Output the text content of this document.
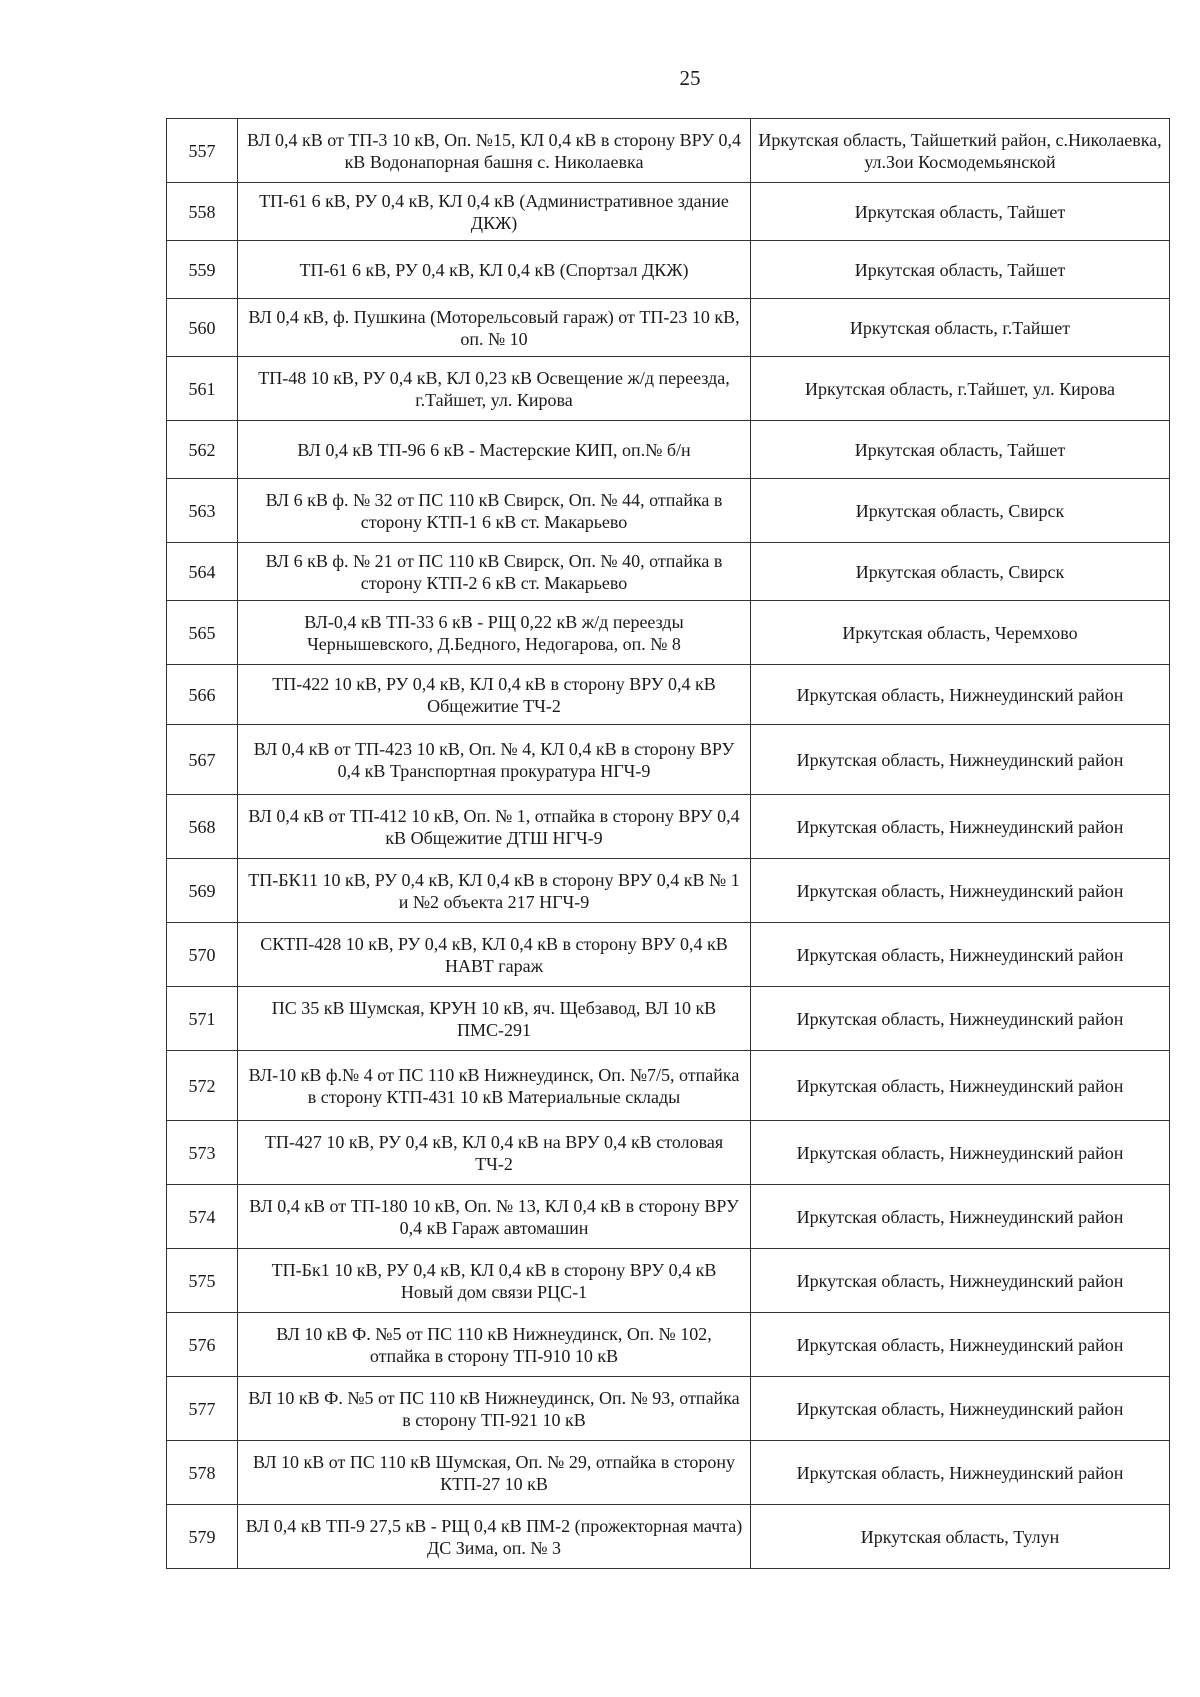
25
557	ВЛ 0,4 кВ от ТП-3 10 кВ, Оп. №15, КЛ 0,4 кВ в сторону ВРУ 0,4 кВ Водонапорная башня с. Николаевка	Иркутская область, Тайшеткий район, с.Николаевка, ул.Зои Космодемьянской
558	ТП-61 6 кВ, РУ 0,4 кВ, КЛ 0,4 кВ (Административное здание ДКЖ)	Иркутская область, Тайшет
559	ТП-61 6 кВ, РУ 0,4 кВ, КЛ 0,4 кВ (Спортзал ДКЖ)	Иркутская область, Тайшет
560	ВЛ 0,4 кВ, ф. Пушкина (Моторельсовый гараж) от ТП-23 10 кВ, оп. № 10	Иркутская область, г.Тайшет
561	ТП-48 10 кВ, РУ 0,4 кВ, КЛ 0,23 кВ Освещение ж/д переезда, г.Тайшет, ул. Кирова	Иркутская область, г.Тайшет, ул. Кирова
562	ВЛ 0,4 кВ ТП-96 6 кВ - Мастерские КИП, оп.№ б/н	Иркутская область, Тайшет
563	ВЛ 6 кВ ф. № 32 от ПС 110 кВ Свирск, Оп. № 44, отпайка в сторону КТП-1 6 кВ ст. Макарьево	Иркутская область, Свирск
564	ВЛ 6 кВ ф. № 21 от ПС 110 кВ Свирск, Оп. № 40, отпайка в сторону КТП-2 6 кВ ст. Макарьево	Иркутская область, Свирск
565	ВЛ-0,4 кВ ТП-33 6 кВ - РЩ 0,22 кВ ж/д переезды Чернышевского, Д.Бедного, Недогарова, оп. № 8	Иркутская область, Черемхово
566	ТП-422 10 кВ, РУ 0,4 кВ, КЛ 0,4 кВ в сторону ВРУ 0,4 кВ Общежитие ТЧ-2	Иркутская область, Нижнеудинский район
567	ВЛ 0,4 кВ от ТП-423 10 кВ, Оп. № 4, КЛ 0,4 кВ в сторону ВРУ 0,4 кВ Транспортная прокуратура НГЧ-9	Иркутская область, Нижнеудинский район
568	ВЛ 0,4 кВ от ТП-412 10 кВ, Оп. № 1, отпайка в сторону ВРУ 0,4 кВ Общежитие ДТШ НГЧ-9	Иркутская область, Нижнеудинский район
569	ТП-БК11 10 кВ, РУ 0,4 кВ, КЛ 0,4 кВ в сторону ВРУ 0,4 кВ № 1 и №2 объекта 217 НГЧ-9	Иркутская область, Нижнеудинский район
570	СКТП-428 10 кВ, РУ 0,4 кВ, КЛ 0,4 кВ в сторону ВРУ 0,4 кВ НАВТ гараж	Иркутская область, Нижнеудинский район
571	ПС 35 кВ Шумская, КРУН 10 кВ, яч. Щебзавод, ВЛ 10 кВ ПМС-291	Иркутская область, Нижнеудинский район
572	ВЛ-10 кВ ф.№ 4 от ПС 110 кВ Нижнеудинск, Оп. №7/5, отпайка в сторону КТП-431 10 кВ Материальные склады	Иркутская область, Нижнеудинский район
573	ТП-427 10 кВ, РУ 0,4 кВ, КЛ 0,4 кВ на ВРУ 0,4 кВ столовая ТЧ-2	Иркутская область, Нижнеудинский район
574	ВЛ 0,4 кВ от ТП-180 10 кВ, Оп. № 13, КЛ 0,4 кВ в сторону ВРУ 0,4 кВ Гараж автомашин	Иркутская область, Нижнеудинский район
575	ТП-Бк1 10 кВ, РУ 0,4 кВ, КЛ 0,4 кВ в сторону ВРУ 0,4 кВ Новый дом связи РЦС-1	Иркутская область, Нижнеудинский район
576	ВЛ 10 кВ Ф. №5 от ПС 110 кВ Нижнеудинск, Оп. № 102, отпайка в сторону ТП-910 10 кВ	Иркутская область, Нижнеудинский район
577	ВЛ 10 кВ Ф. №5 от ПС 110 кВ Нижнеудинск, Оп. № 93, отпайка в сторону ТП-921 10 кВ	Иркутская область, Нижнеудинский район
578	ВЛ 10 кВ от ПС 110 кВ Шумская, Оп. № 29, отпайка в сторону КТП-27 10 кВ	Иркутская область, Нижнеудинский район
579	ВЛ 0,4 кВ ТП-9 27,5 кВ - РЩ 0,4 кВ ПМ-2 (прожекторная мачта) ДС Зима, оп. № 3	Иркутская область, Тулун
